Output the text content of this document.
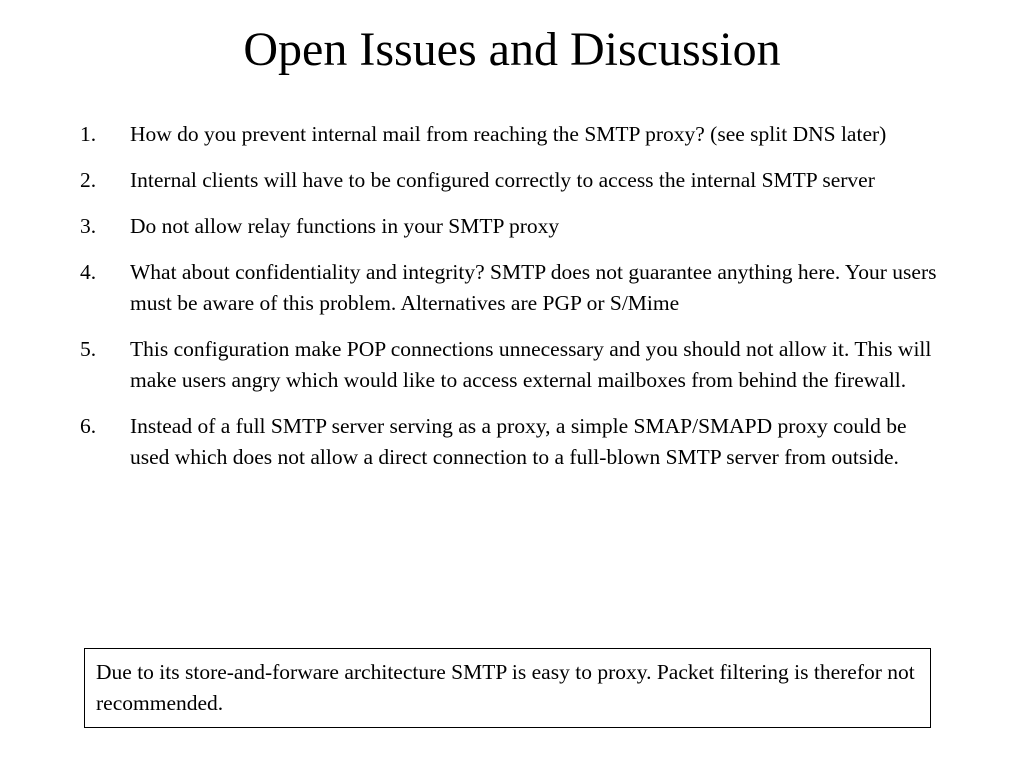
Open Issues and Discussion
1. How do you prevent internal mail from reaching the SMTP proxy? (see split DNS later)
2. Internal clients will have to be configured correctly to access the internal SMTP server
3. Do not allow relay functions in your SMTP proxy
4. What about confidentiality and integrity? SMTP does not guarantee anything here. Your users must be aware of this problem. Alternatives are PGP or S/Mime
5. This configuration make POP connections unnecessary and you should not allow it. This will make users angry which would like to access external mailboxes from behind the firewall.
6. Instead of a full SMTP server serving as a proxy, a simple SMAP/SMAPD proxy could be used which does not allow a direct connection to a full-blown SMTP server from outside.
Due to its store-and-forware architecture SMTP is easy to proxy. Packet filtering is therefor not recommended.
